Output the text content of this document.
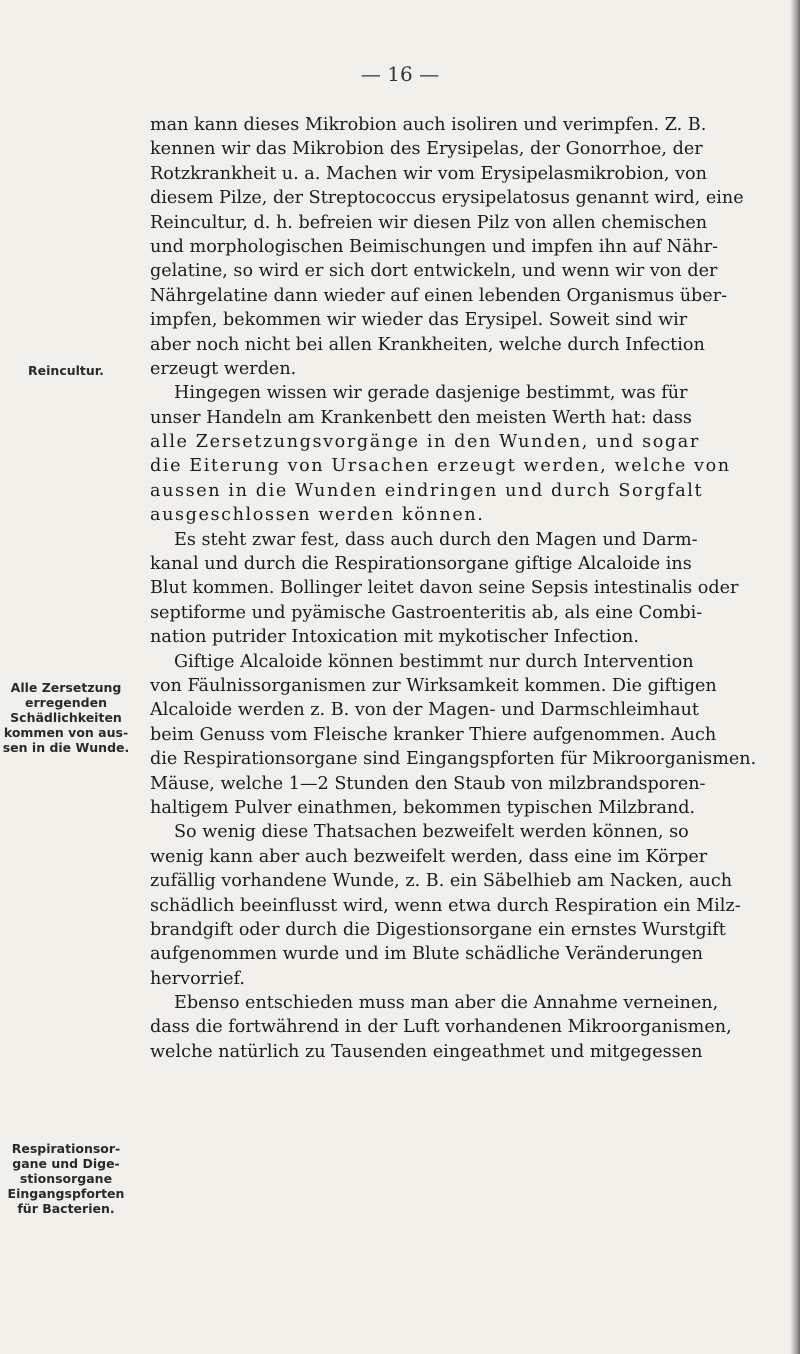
— 16 —
Reincultur.
Alle Zersetzung
erregenden
Schädlichkeiten
kommen von aus-
sen in die Wunde.
Respirationsor-
gane und Dige-
stionsorgane
Eingangspforten
für Bacterien.
man kann dieses Mikrobion auch isoliren und verimpfen. Z. B.
kennen wir das Mikrobion des Erysipelas, der Gonorrhoe, der
Rotzkrankheit u. a. Machen wir vom Erysipelasmikrobion, von
diesem Pilze, der Streptococcus erysipelatosus genannt wird, eine
Reincultur, d. h. befreien wir diesen Pilz von allen chemischen
und morphologischen Beimischungen und impfen ihn auf Nähr-
gelatine, so wird er sich dort entwickeln, und wenn wir von der
Nährgelatine dann wieder auf einen lebenden Organismus über-
impfen, bekommen wir wieder das Erysipel. Soweit sind wir
aber noch nicht bei allen Krankheiten, welche durch Infection
erzeugt werden.
Hingegen wissen wir gerade dasjenige bestimmt, was für
unser Handeln am Krankenbett den meisten Werth hat: dass
alle Zersetzungsvorgänge in den Wunden, und sogar
die Eiterung von Ursachen erzeugt werden, welche von
aussen in die Wunden eindringen und durch Sorgfalt
ausgeschlossen werden können.
Es steht zwar fest, dass auch durch den Magen und Darm-
kanal und durch die Respirationsorgane giftige Alcaloide ins
Blut kommen. Bollinger leitet davon seine Sepsis intestinalis oder
septiforme und pyämische Gastroenteritis ab, als eine Combi-
nation putrider Intoxication mit mykotischer Infection.
Giftige Alcaloide können bestimmt nur durch Intervention
von Fäulnissorganismen zur Wirksamkeit kommen. Die giftigen
Alcaloide werden z. B. von der Magen- und Darmschleimhaut
beim Genuss vom Fleische kranker Thiere aufgenommen. Auch
die Respirationsorgane sind Eingangspforten für Mikroorganismen.
Mäuse, welche 1—2 Stunden den Staub von milzbrandsporen-
haltigem Pulver einathmen, bekommen typischen Milzbrand.
So wenig diese Thatsachen bezweifelt werden können, so
wenig kann aber auch bezweifelt werden, dass eine im Körper
zufällig vorhandene Wunde, z. B. ein Säbelhieb am Nacken, auch
schädlich beeinflusst wird, wenn etwa durch Respiration ein Milz-
brandgift oder durch die Digestionsorgane ein ernstes Wurstgift
aufgenommen wurde und im Blute schädliche Veränderungen
hervorrief.
Ebenso entschieden muss man aber die Annahme verneinen,
dass die fortwährend in der Luft vorhandenen Mikroorganismen,
welche natürlich zu Tausenden eingeathmet und mitgegessen
